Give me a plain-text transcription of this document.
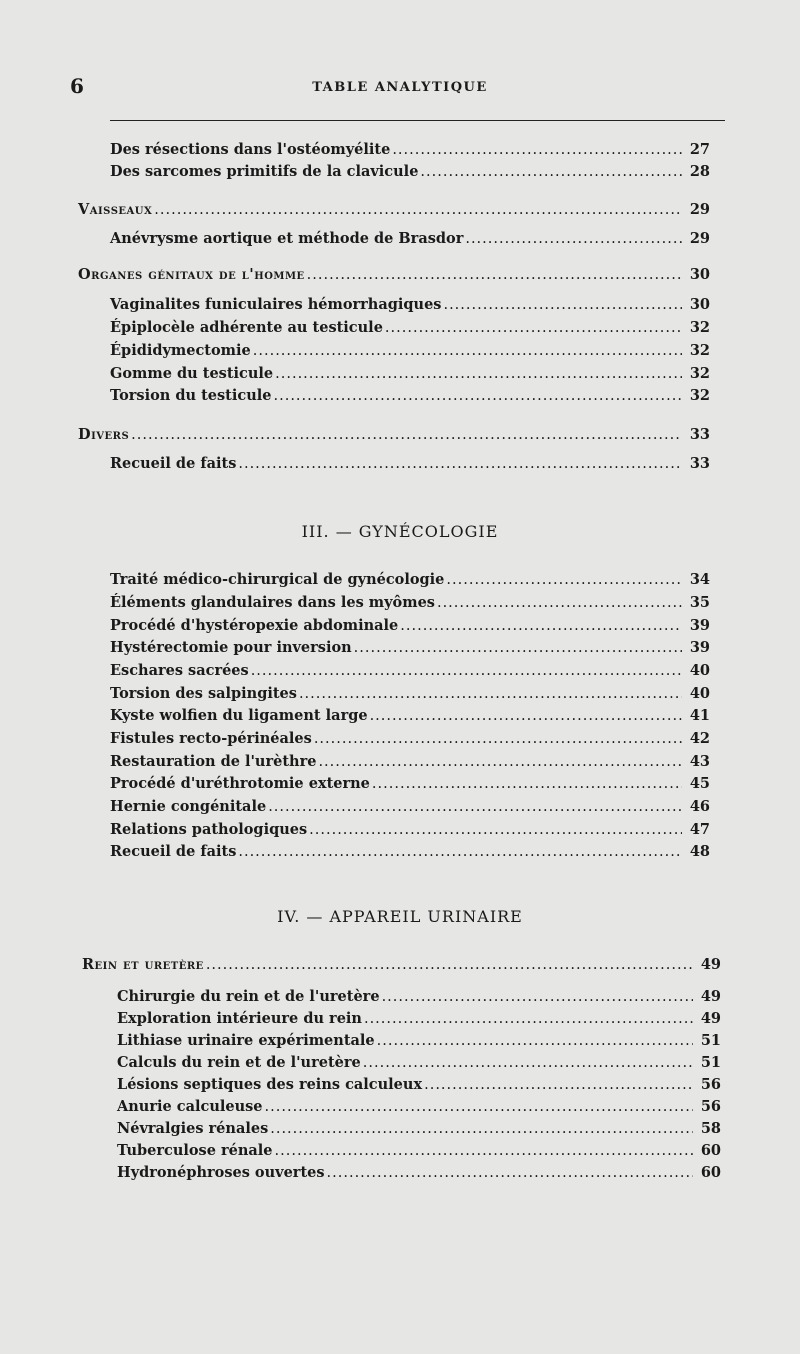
6	TABLE ANALYTIQUE
Des résections dans l'ostéomyélite .....	27
Des sarcomes primitifs de la clavicule .....	28
Vaisseaux .....	29
Anévrysme aortique et méthode de Brasdor .....	29
Organes génitaux de l'homme .....	30
Vaginalites funiculaires hémorrhagiques .....	30
Épiplocèle adhérente au testicule .....	32
Épididymectomie .....	32
Gomme du testicule .....	32
Torsion du testicule .....	32
Divers .....	33
Recueil de faits .....	33
III. — GYNÉCOLOGIE
Traité médico-chirurgical de gynécologie .....	34
Éléments glandulaires dans les myômes .....	35
Procédé d'hystéropexie abdominale .....	39
Hystérectomie pour inversion .....	39
Eschares sacrées .....	40
Torsion des salpingites .....	40
Kyste wolfien du ligament large .....	41
Fistules recto-périnéales .....	42
Restauration de l'urèthre .....	43
Procédé d'uréthrotomie externe .....	45
Hernie congénitale .....	46
Relations pathologiques .....	47
Recueil de faits .....	48
IV. — APPAREIL URINAIRE
Rein et uretère .....	49
Chirurgie du rein et de l'uretère .....	49
Exploration intérieure du rein .....	49
Lithiase urinaire expérimentale .....	51
Calculs du rein et de l'uretère .....	51
Lésions septiques des reins calculeux .....	56
Anurie calculeuse .....	56
Névralgies rénales .....	58
Tuberculose rénale .....	60
Hydronéphroses ouvertes .....	60
